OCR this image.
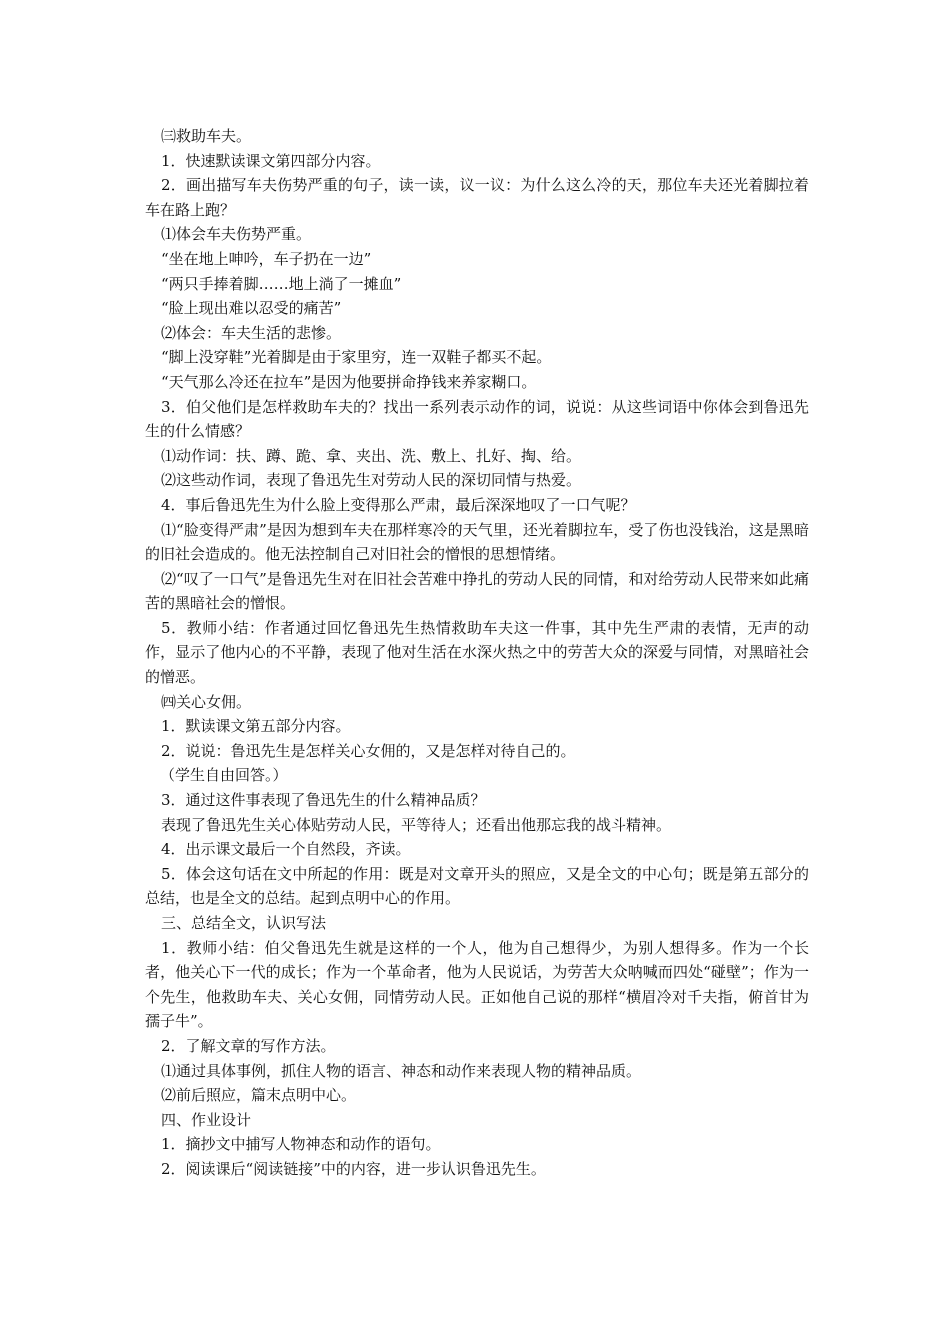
㈢救助车夫。

1．快速默读课文第四部分内容。

2．画出描写车夫伤势严重的句子，读一读，议一议：为什么这么冷的天，那位车夫还光着脚拉着车在路上跑？

⑴体会车夫伤势严重。

“坐在地上呻吟，车子扔在一边”

“两只手捧着脚……地上淌了一摊血”

“脸上现出难以忍受的痛苦”

⑵体会：车夫生活的悲惨。

“脚上没穿鞋”光着脚是由于家里穷，连一双鞋子都买不起。

“天气那么冷还在拉车”是因为他要拼命挣钱来养家糊口。

3．伯父他们是怎样救助车夫的？找出一系列表示动作的词，说说：从这些词语中你体会到鲁迅先生的什么情感？

⑴动作词：扶、蹲、跪、拿、夹出、洗、敷上、扎好、掏、给。

⑵这些动作词，表现了鲁迅先生对劳动人民的深切同情与热爱。

4．事后鲁迅先生为什么脸上变得那么严肃，最后深深地叹了一口气呢？

⑴“脸变得严肃”是因为想到车夫在那样寒冷的天气里，还光着脚拉车，受了伤也没钱治，这是黑暗的旧社会造成的。他无法控制自己对旧社会的憎恨的思想情绪。

⑵“叹了一口气”是鲁迅先生对在旧社会苦难中挣扎的劳动人民的同情，和对给劳动人民带来如此痛苦的黑暗社会的憎恨。

5．教师小结：作者通过回忆鲁迅先生热情救助车夫这一件事，其中先生严肃的表情，无声的动作，显示了他内心的不平静，表现了他对生活在水深火热之中的劳苦大众的深爱与同情，对黑暗社会的憎恶。

㈣关心女佣。

1．默读课文第五部分内容。

2．说说：鲁迅先生是怎样关心女佣的，又是怎样对待自己的。

（学生自由回答。）

3．通过这件事表现了鲁迅先生的什么精神品质？

表现了鲁迅先生关心体贴劳动人民，平等待人；还看出他那忘我的战斗精神。

4．出示课文最后一个自然段，齐读。

5．体会这句话在文中所起的作用：既是对文章开头的照应，又是全文的中心句；既是第五部分的总结，也是全文的总结。起到点明中心的作用。

三、总结全文，认识写法

1．教师小结：伯父鲁迅先生就是这样的一个人，他为自己想得少，为别人想得多。作为一个长者，他关心下一代的成长；作为一个革命者，他为人民说话，为劳苦大众呐喊而四处“碰壁”；作为一个先生，他救助车夫、关心女佣，同情劳动人民。正如他自己说的那样“横眉冷对千夫指，俯首甘为孺子牛”。

2．了解文章的写作方法。

⑴通过具体事例，抓住人物的语言、神态和动作来表现人物的精神品质。

⑵前后照应，篇末点明中心。

四、作业设计

1．摘抄文中捕写人物神态和动作的语句。

2．阅读课后“阅读链接”中的内容，进一步认识鲁迅先生。
